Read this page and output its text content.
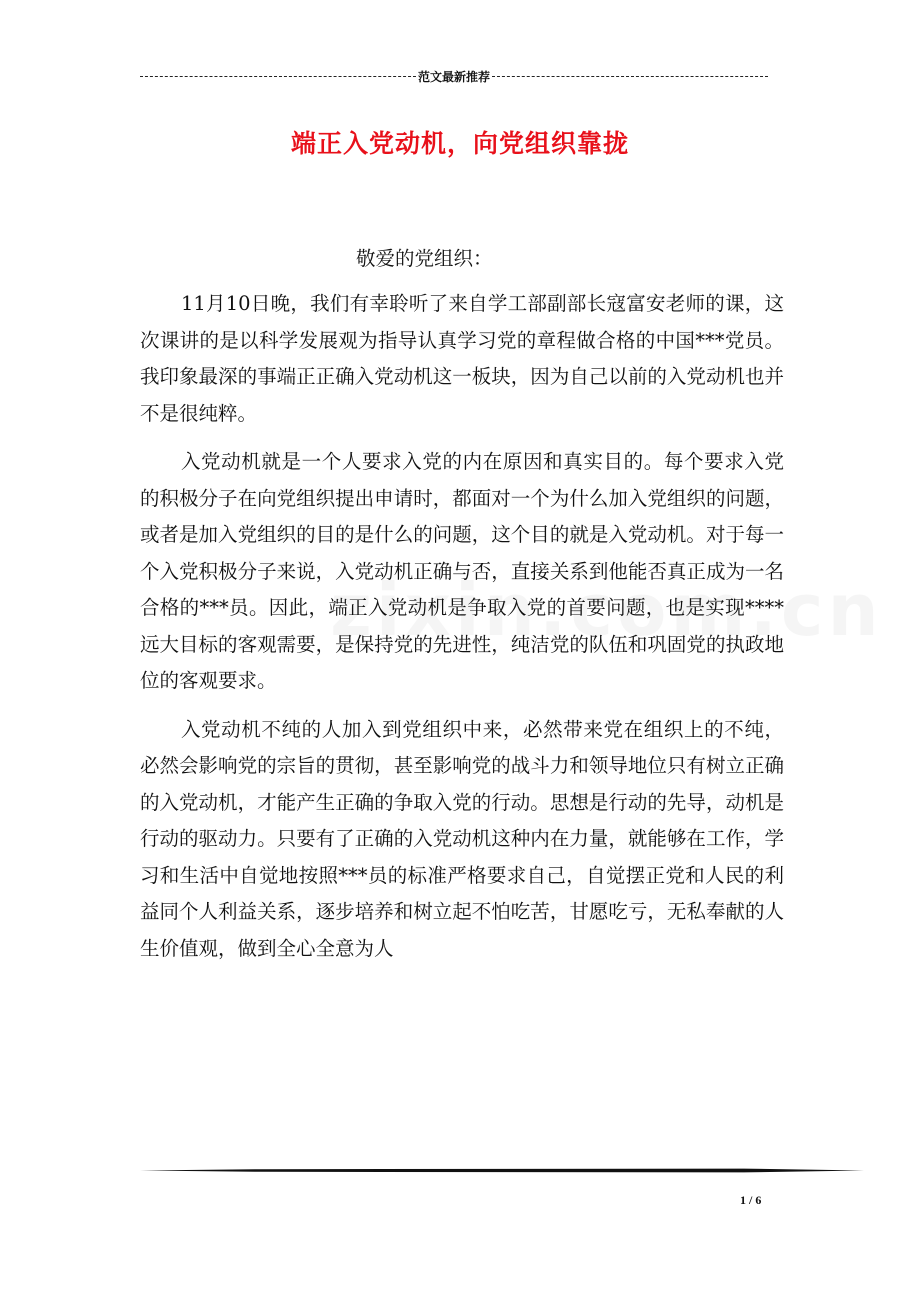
范文最新推荐
端正入党动机，向党组织靠拢
敬爱的党组织：

11月10日晚，我们有幸聆听了来自学工部副部长寇富安老师的课，这次课讲的是以科学发展观为指导认真学习党的章程做合格的中国***党员。我印象最深的事端正正确入党动机这一板块，因为自己以前的入党动机也并不是很纯粹。

入党动机就是一个人要求入党的内在原因和真实目的。每个要求入党的积极分子在向党组织提出申请时，都面对一个为什么加入党组织的问题，或者是加入党组织的目的是什么的问题，这个目的就是入党动机。对于每一个入党积极分子来说，入党动机正确与否，直接关系到他能否真正成为一名合格的***员。因此，端正入党动机是争取入党的首要问题，也是实现****远大目标的客观需要，是保持党的先进性，纯洁党的队伍和巩固党的执政地位的客观要求。

入党动机不纯的人加入到党组织中来，必然带来党在组织上的不纯，必然会影响党的宗旨的贯彻，甚至影响党的战斗力和领导地位只有树立正确的入党动机，才能产生正确的争取入党的行动。思想是行动的先导，动机是行动的驱动力。只要有了正确的入党动机这种内在力量，就能够在工作，学习和生活中自觉地按照***员的标准严格要求自己，自觉摆正党和人民的利益同个人利益关系，逐步培养和树立起不怕吃苦，甘愿吃亏，无私奉献的人生价值观，做到全心全意为人

1 / 6
